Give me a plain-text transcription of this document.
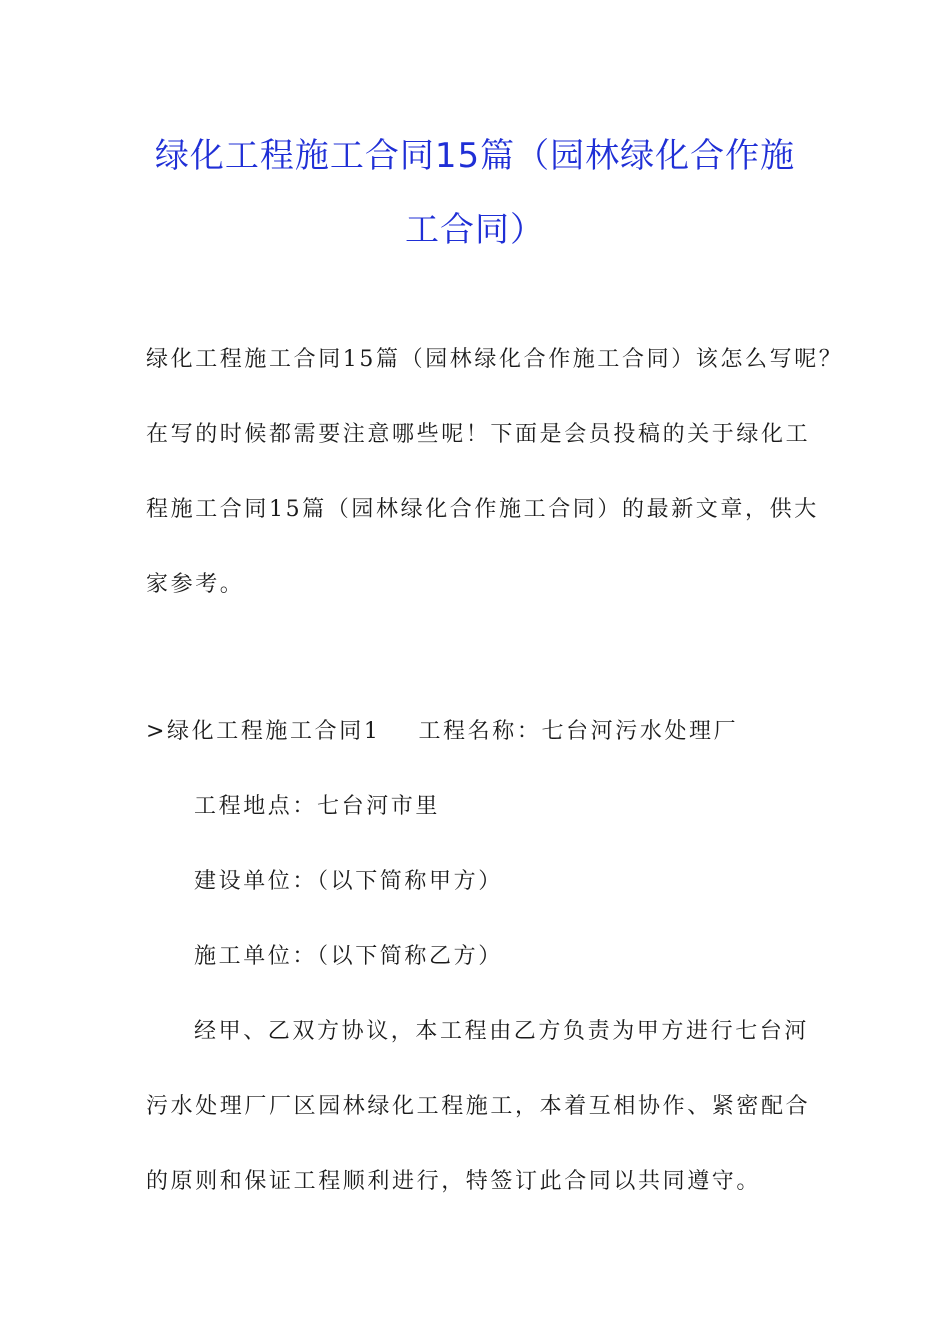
绿化工程施工合同15篇（园林绿化合作施
工合同）
绿化工程施工合同15篇（园林绿化合作施工合同）该怎么写呢？
在写的时候都需要注意哪些呢！下面是会员投稿的关于绿化工
程施工合同15篇（园林绿化合作施工合同）的最新文章，供大
家参考。
>绿化工程施工合同1 工程名称：七台河污水处理厂
工程地点：七台河市里
建设单位：（以下简称甲方）
施工单位：（以下简称乙方）
经甲、乙双方协议，本工程由乙方负责为甲方进行七台河
污水处理厂厂区园林绿化工程施工，本着互相协作、紧密配合
的原则和保证工程顺利进行，特签订此合同以共同遵守。
